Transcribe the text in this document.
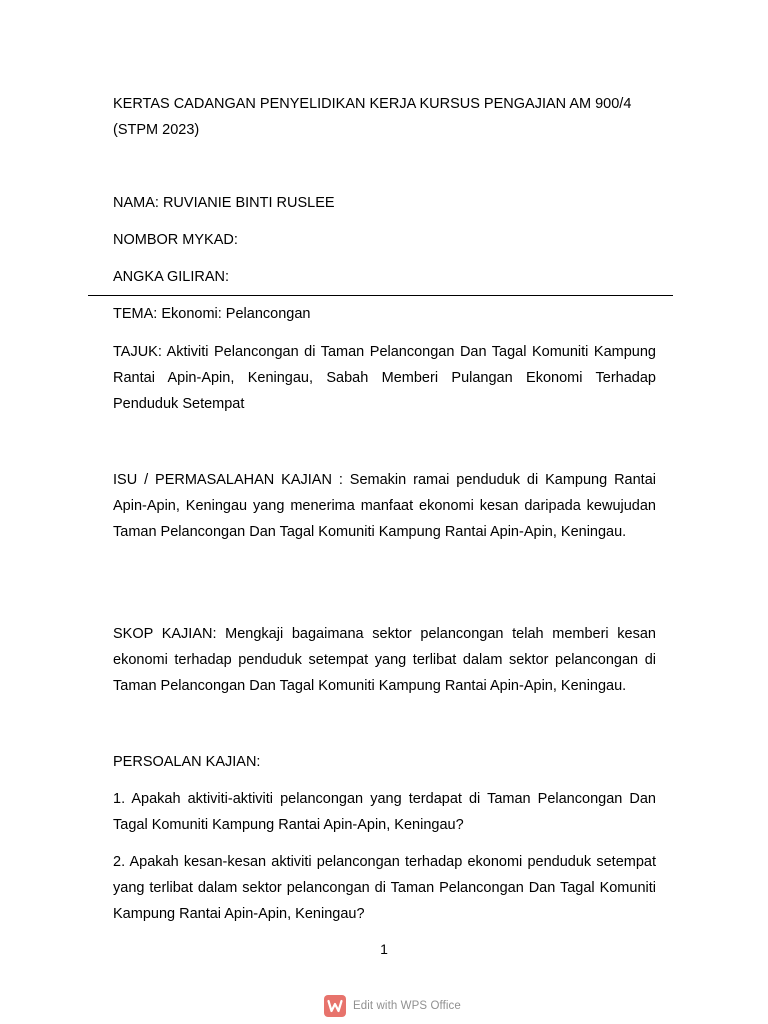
KERTAS CADANGAN PENYELIDIKAN KERJA KURSUS PENGAJIAN AM 900/4
(STPM 2023)
NAMA: RUVIANIE BINTI RUSLEE
NOMBOR MYKAD:
ANGKA GILIRAN:
TEMA: Ekonomi: Pelancongan
TAJUK: Aktiviti Pelancongan di Taman Pelancongan Dan Tagal Komuniti Kampung Rantai Apin-Apin, Keningau, Sabah Memberi Pulangan Ekonomi Terhadap Penduduk Setempat
ISU / PERMASALAHAN KAJIAN : Semakin ramai penduduk di Kampung Rantai Apin-Apin, Keningau yang menerima manfaat ekonomi kesan daripada kewujudan Taman Pelancongan Dan Tagal Komuniti Kampung Rantai Apin-Apin, Keningau.
SKOP KAJIAN: Mengkaji bagaimana sektor pelancongan telah memberi kesan ekonomi terhadap penduduk setempat yang terlibat dalam sektor pelancongan di Taman Pelancongan Dan Tagal Komuniti Kampung Rantai Apin-Apin, Keningau.
PERSOALAN KAJIAN:
1. Apakah aktiviti-aktiviti pelancongan yang terdapat di Taman Pelancongan Dan Tagal Komuniti Kampung Rantai Apin-Apin, Keningau?
2. Apakah kesan-kesan aktiviti pelancongan terhadap ekonomi penduduk setempat yang terlibat dalam sektor pelancongan di Taman Pelancongan Dan Tagal Komuniti Kampung Rantai Apin-Apin, Keningau?
1
Edit with WPS Office
